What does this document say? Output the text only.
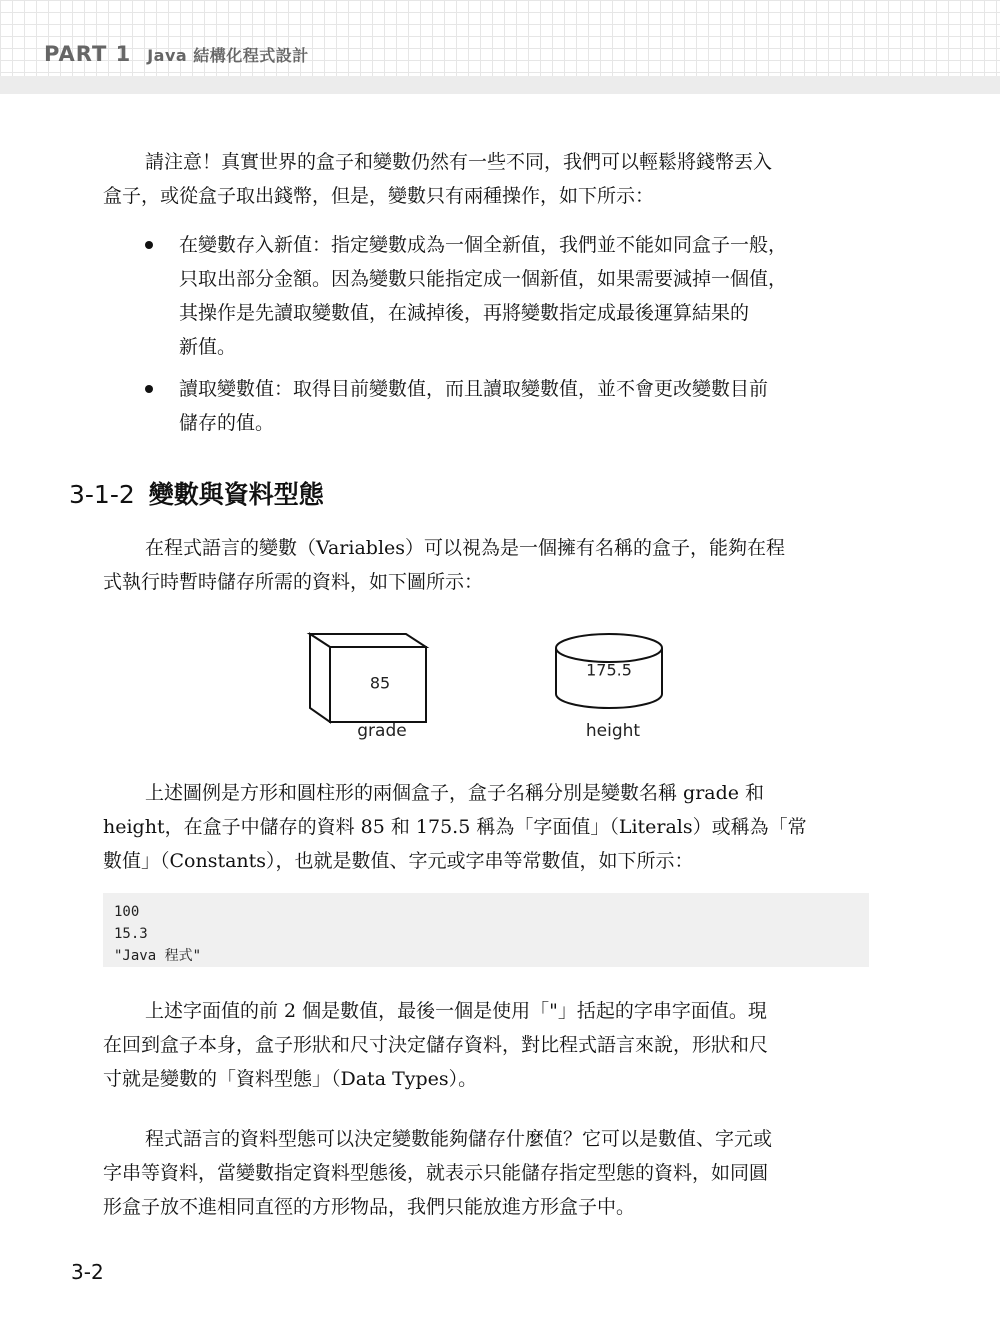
PART 1 Java 結構化程式設計

請注意！真實世界的盒子和變數仍然有一些不同，我們可以輕鬆將錢幣丟入
盒子，或從盒子取出錢幣，但是，變數只有兩種操作，如下所示：

在變數存入新值：指定變數成為一個全新值，我們並不能如同盒子一般，
只取出部分金額。因為變數只能指定成一個新值，如果需要減掉一個值，
其操作是先讀取變數值，在減掉後，再將變數指定成最後運算結果的
新值。
讀取變數值：取得目前變數值，而且讀取變數值，並不會更改變數目前
儲存的值。
3-1-2 變數與資料型態

在程式語言的變數（Variables）可以視為是一個擁有名稱的盒子，能夠在程
式執行時暫時儲存所需的資料，如下圖所示：

85
grade
175.5
height

上述圖例是方形和圓柱形的兩個盒子，盒子名稱分別是變數名稱 grade 和
height，在盒子中儲存的資料 85 和 175.5 稱為「字面值」（Literals）或稱為「常
數值」（Constants），也就是數值、字元或字串等常數值，如下所示：

100
15.3
"Java 程式"

上述字面值的前 2 個是數值，最後一個是使用「"」括起的字串字面值。現
在回到盒子本身，盒子形狀和尺寸決定儲存資料，對比程式語言來說，形狀和尺
寸就是變數的「資料型態」（Data Types）。

程式語言的資料型態可以決定變數能夠儲存什麼值？它可以是數值、字元或
字串等資料，當變數指定資料型態後，就表示只能儲存指定型態的資料，如同圓
形盒子放不進相同直徑的方形物品，我們只能放進方形盒子中。

3-2
